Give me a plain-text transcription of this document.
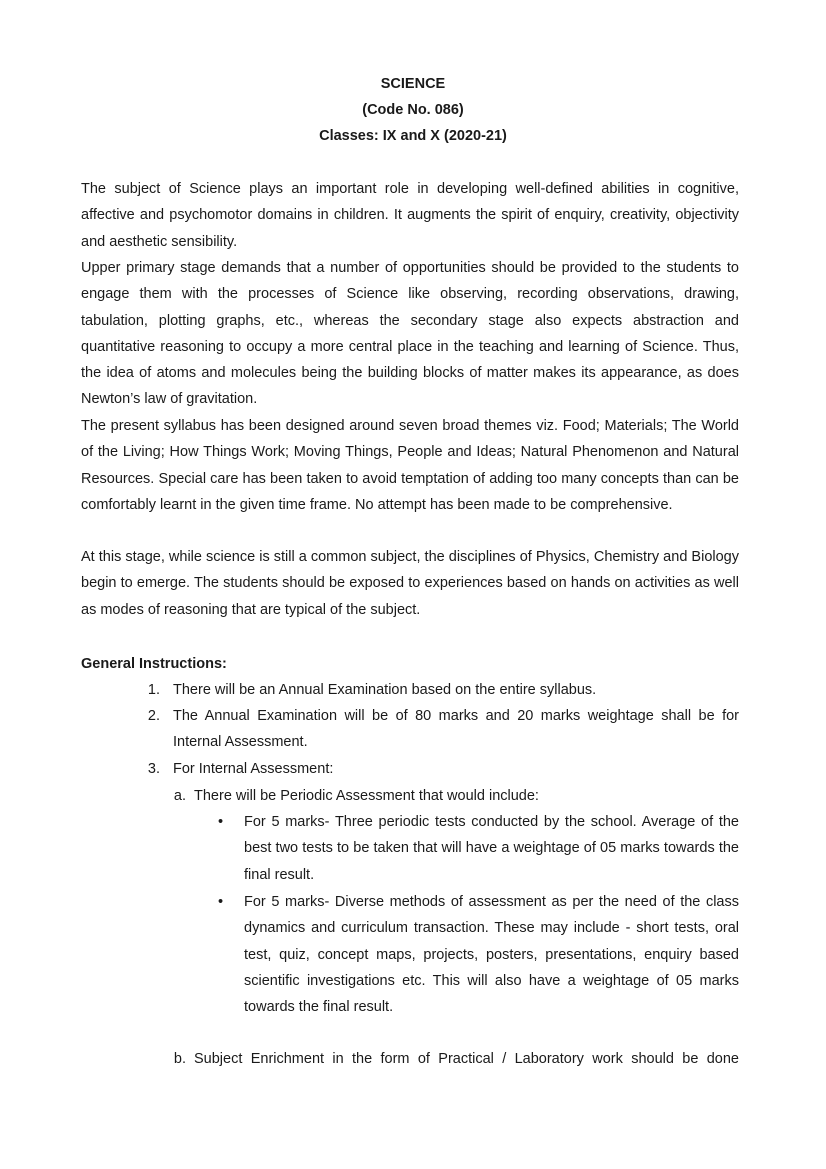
SCIENCE
(Code No. 086)
Classes: IX and X (2020-21)

The subject of Science plays an important role in developing well-defined abilities in cognitive, affective and psychomotor domains in children. It augments the spirit of enquiry, creativity, objectivity and aesthetic sensibility.

Upper primary stage demands that a number of opportunities should be provided to the students to engage them with the processes of Science like observing, recording observations, drawing, tabulation, plotting graphs, etc., whereas the secondary stage also expects abstraction and quantitative reasoning to occupy a more central place in the teaching and learning of Science. Thus, the idea of atoms and molecules being the building blocks of matter makes its appearance, as does Newton’s law of gravitation.

The present syllabus has been designed around seven broad themes viz. Food; Materials; The World of the Living; How Things Work; Moving Things, People and Ideas; Natural Phenomenon and Natural Resources. Special care has been taken to avoid temptation of adding too many concepts than can be comfortably learnt in the given time frame. No attempt has been made to be comprehensive.

At this stage, while science is still a common subject, the disciplines of Physics, Chemistry and Biology begin to emerge. The students should be exposed to experiences based on hands on activities as well as modes of reasoning that are typical of the subject.

General Instructions:

1. There will be an Annual Examination based on the entire syllabus.

2. The Annual Examination will be of 80 marks and 20 marks weightage shall be for Internal Assessment.

3. For Internal Assessment:

a. There will be Periodic Assessment that would include:

• For 5 marks- Three periodic tests conducted by the school. Average of the best two tests to be taken that will have a weightage of 05 marks towards the final result.

• For 5 marks- Diverse methods of assessment as per the need of the class dynamics and curriculum transaction. These may include - short tests, oral test, quiz, concept maps, projects, posters, presentations, enquiry based scientific investigations etc. This will also have a weightage of 05 marks towards the final result.

b. Subject Enrichment in the form of Practical / Laboratory work should be done
